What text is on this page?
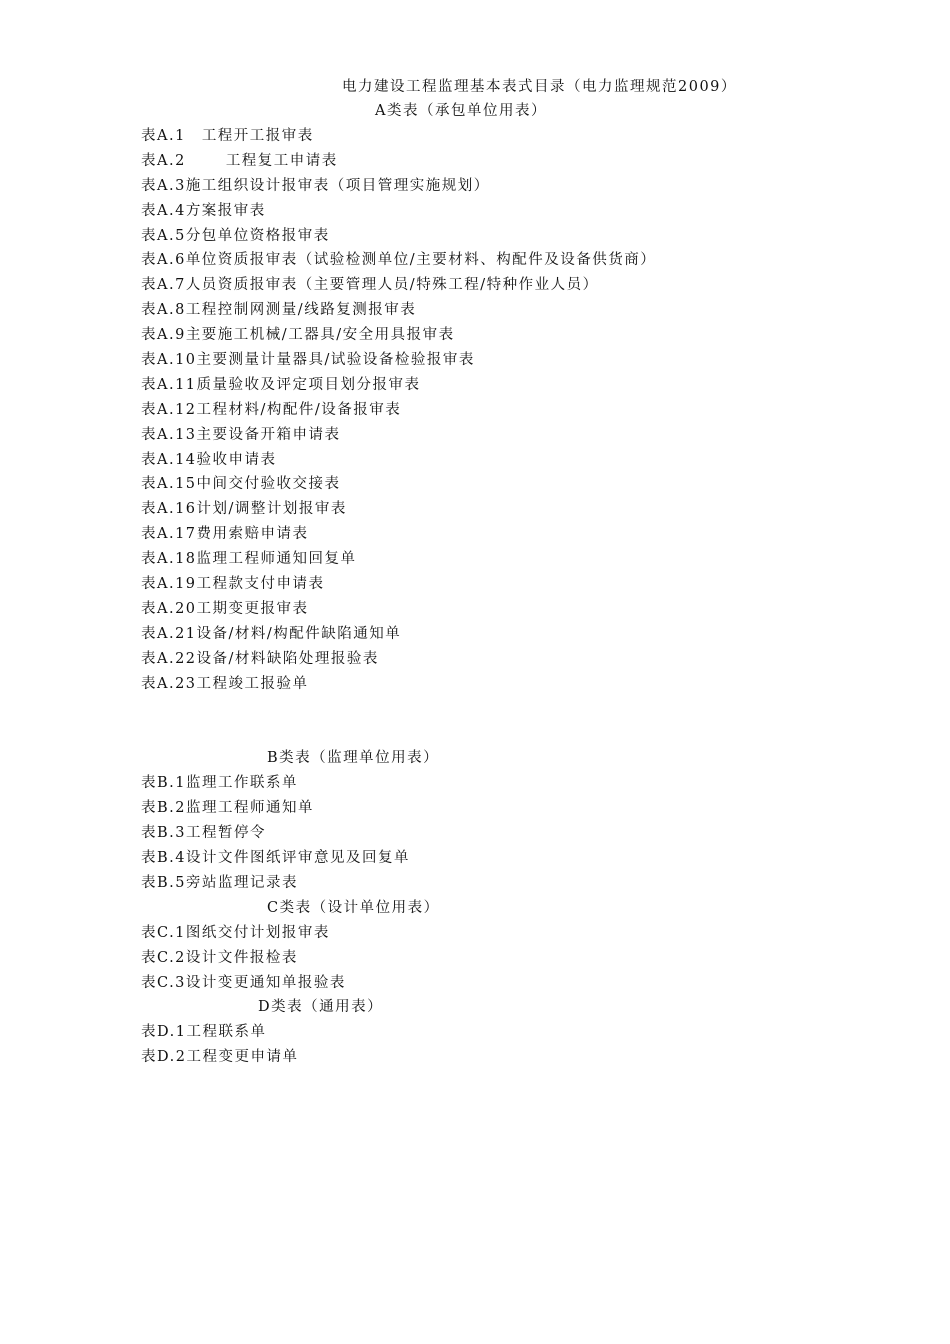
电力建设工程监理基本表式目录（电力监理规范2009）
A类表（承包单位用表）
表A.1 工程开工报审表
表A.2	工程复工申请表
表A.3施工组织设计报审表（项目管理实施规划）
表A.4方案报审表
表A.5分包单位资格报审表
表A.6单位资质报审表（试验检测单位/主要材料、构配件及设备供货商）
表A.7人员资质报审表（主要管理人员/特殊工程/特种作业人员）
表A.8工程控制网测量/线路复测报审表
表A.9主要施工机械/工器具/安全用具报审表
表A.10主要测量计量器具/试验设备检验报审表
表A.11质量验收及评定项目划分报审表
表A.12工程材料/构配件/设备报审表
表A.13主要设备开箱申请表
表A.14验收申请表
表A.15中间交付验收交接表
表A.16计划/调整计划报审表
表A.17费用索赔申请表
表A.18监理工程师通知回复单
表A.19工程款支付申请表
表A.20工期变更报审表
表A.21设备/材料/构配件缺陷通知单
表A.22设备/材料缺陷处理报验表
表A.23工程竣工报验单
B类表（监理单位用表）
表B.1监理工作联系单
表B.2监理工程师通知单
表B.3工程暂停令
表B.4设计文件图纸评审意见及回复单
表B.5旁站监理记录表
C类表（设计单位用表）
表C.1图纸交付计划报审表
表C.2设计文件报检表
表C.3设计变更通知单报验表
D类表（通用表）
表D.1工程联系单
表D.2工程变更申请单
